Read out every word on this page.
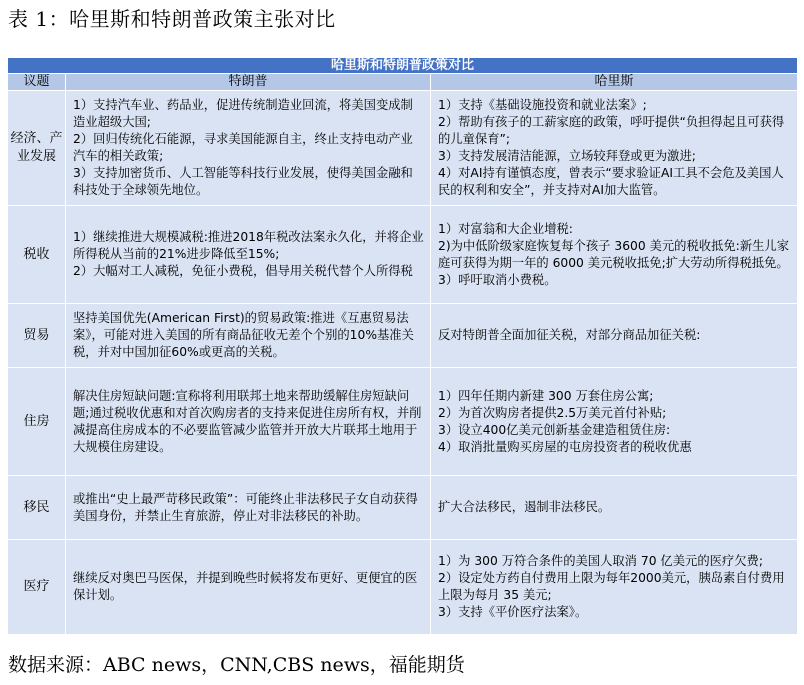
表 1：哈里斯和特朗普政策主张对比
哈里斯和特朗普政策对比		
议题	特朗普	哈里斯
经济、产业发展	1）支持汽车业、药品业，促进传统制造业回流，将美国变成制造业超级大国;
2）回归传统化石能源，寻求美国能源自主，终止支持电动产业汽车的相关政策;
3）支持加密货币、人工智能等科技行业发展，使得美国金融和科技处于全球领先地位。	1）支持《基础设施投资和就业法案》;
2）帮助有孩子的工薪家庭的政策，呼吁提供“负担得起且可获得的儿童保育”;
3）支持发展清洁能源，立场较拜登或更为激进;
4）对AI持有谨慎态度，曾表示“要求验证AI工具不会危及美国人民的权利和安全”，并支持对AI加大监管。

税收	1）继续推进大规模减税:推进2018年税改法案永久化，并将企业所得税从当前的21%进步降低至15%;
2）大幅对工人减税，免征小费税，倡导用关税代替个人所得税	1）对富翁和大企业增税:
2)为中低阶级家庭恢复每个孩子 3600 美元的税收抵免:新生儿家庭可获得为期一年的 6000 美元税收抵免;扩大劳动所得税抵免。
3）呼吁取消小费税。

贸易	坚持美国优先(American First)的贸易政策:推进《互惠贸易法案》，可能对进入美国的所有商品征收无差个个别的10%基准关税，并对中国加征60%或更高的关税。	反对特朗普全面加征关税，对部分商品加征关税:

住房	解决住房短缺问题:宣称将利用联邦土地来帮助缓解住房短缺问题;通过税收优惠和对首次购房者的支持来促进住房所有权，并削减提高住房成本的不必要监管减少监管并开放大片联邦土地用于大规模住房建设。	1）四年任期内新建 300 万套住房公寓;
2）为首次购房者提供2.5万美元首付补贴;
3）设立400亿美元创新基金建造租赁住房:
4）取消批量购买房屋的屯房投资者的税收优惠

移民	或推出“史上最严苛移民政策”：可能终止非法移民子女自动获得美国身份，并禁止生育旅游，停止对非法移民的补助。	扩大合法移民，遏制非法移民。

医疗	继续反对奥巴马医保，并提到晚些时候将发布更好、更便宜的医保计划。	1）为 300 万符合条件的美国人取消 70 亿美元的医疗欠费;
2）设定处方药自付费用上限为每年2000美元，胰岛素自付费用上限为每月 35 美元;
3）支持《平价医疗法案》。
数据来源：ABC news，CNN,CBS news，福能期货
